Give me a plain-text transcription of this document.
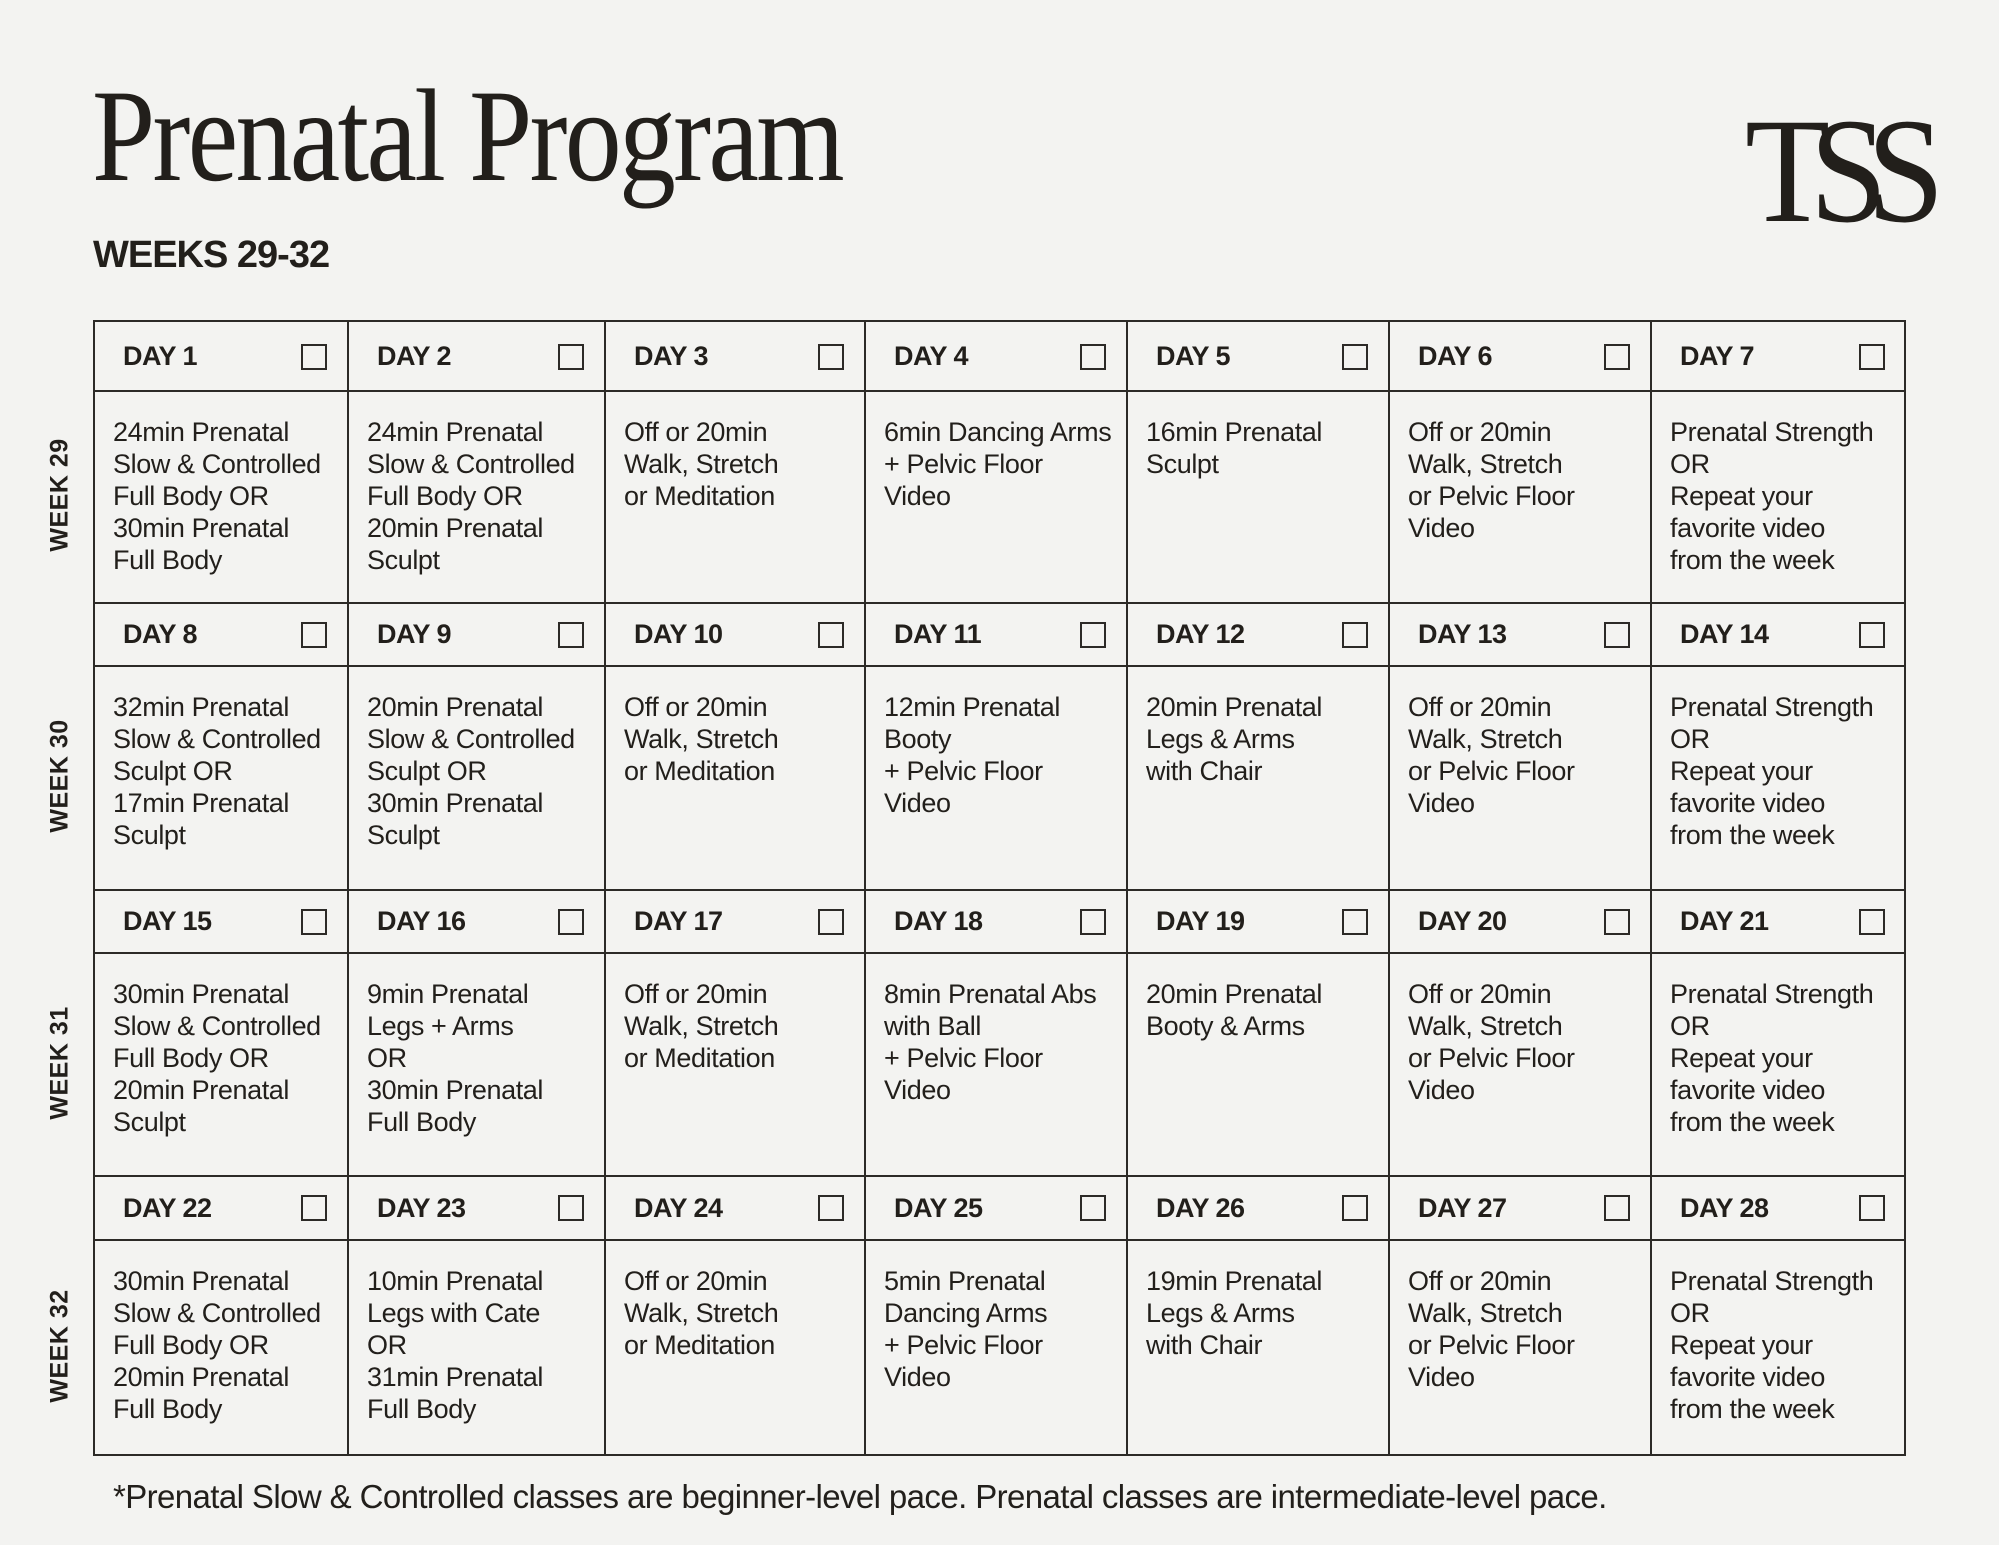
Prenatal Program	TSS
WEEKS 29-32
WEEK 29
WEEK 30
WEEK 31
WEEK 32
DAY 1
24min Prenatal
Slow & Controlled
Full Body OR
30min Prenatal
Full Body
DAY 2
24min Prenatal
Slow & Controlled
Full Body OR
20min Prenatal
Sculpt
DAY 3
Off or 20min
Walk, Stretch
or Meditation
DAY 4
6min Dancing Arms
+ Pelvic Floor Video
DAY 5
16min Prenatal
Sculpt
DAY 6
Off or 20min
Walk, Stretch
or Pelvic Floor
Video
DAY 7
Prenatal Strength
OR
Repeat your
favorite video
from the week
DAY 8
32min Prenatal
Slow & Controlled
Sculpt OR
17min Prenatal
Sculpt
DAY 9
20min Prenatal
Slow & Controlled
Sculpt OR
30min Prenatal
Sculpt
DAY 10
Off or 20min
Walk, Stretch
or Meditation
DAY 11
12min Prenatal
Booty
+ Pelvic Floor Video
DAY 12
20min Prenatal
Legs & Arms
with Chair
DAY 13
Off or 20min
Walk, Stretch
or Pelvic Floor
Video
DAY 14
Prenatal Strength
OR
Repeat your
favorite video
from the week
DAY 15
30min Prenatal
Slow & Controlled
Full Body OR
20min Prenatal
Sculpt
DAY 16
9min Prenatal
Legs + Arms
OR
30min Prenatal
Full Body
DAY 17
Off or 20min
Walk, Stretch
or Meditation
DAY 18
8min Prenatal Abs
with Ball
+ Pelvic Floor Video
DAY 19
20min Prenatal
Booty & Arms
DAY 20
Off or 20min
Walk, Stretch
or Pelvic Floor
Video
DAY 21
Prenatal Strength
OR
Repeat your
favorite video
from the week
DAY 22
30min Prenatal
Slow & Controlled
Full Body OR
20min Prenatal
Full Body
DAY 23
10min Prenatal
Legs with Cate
OR
31min Prenatal
Full Body
DAY 24
Off or 20min
Walk, Stretch
or Meditation
DAY 25
5min Prenatal
Dancing Arms
+ Pelvic Floor Video
DAY 26
19min Prenatal
Legs & Arms
with Chair
DAY 27
Off or 20min
Walk, Stretch
or Pelvic Floor
Video
DAY 28
Prenatal Strength
OR
Repeat your
favorite video
from the week
*Prenatal Slow & Controlled classes are beginner-level pace. Prenatal classes are intermediate-level pace.
